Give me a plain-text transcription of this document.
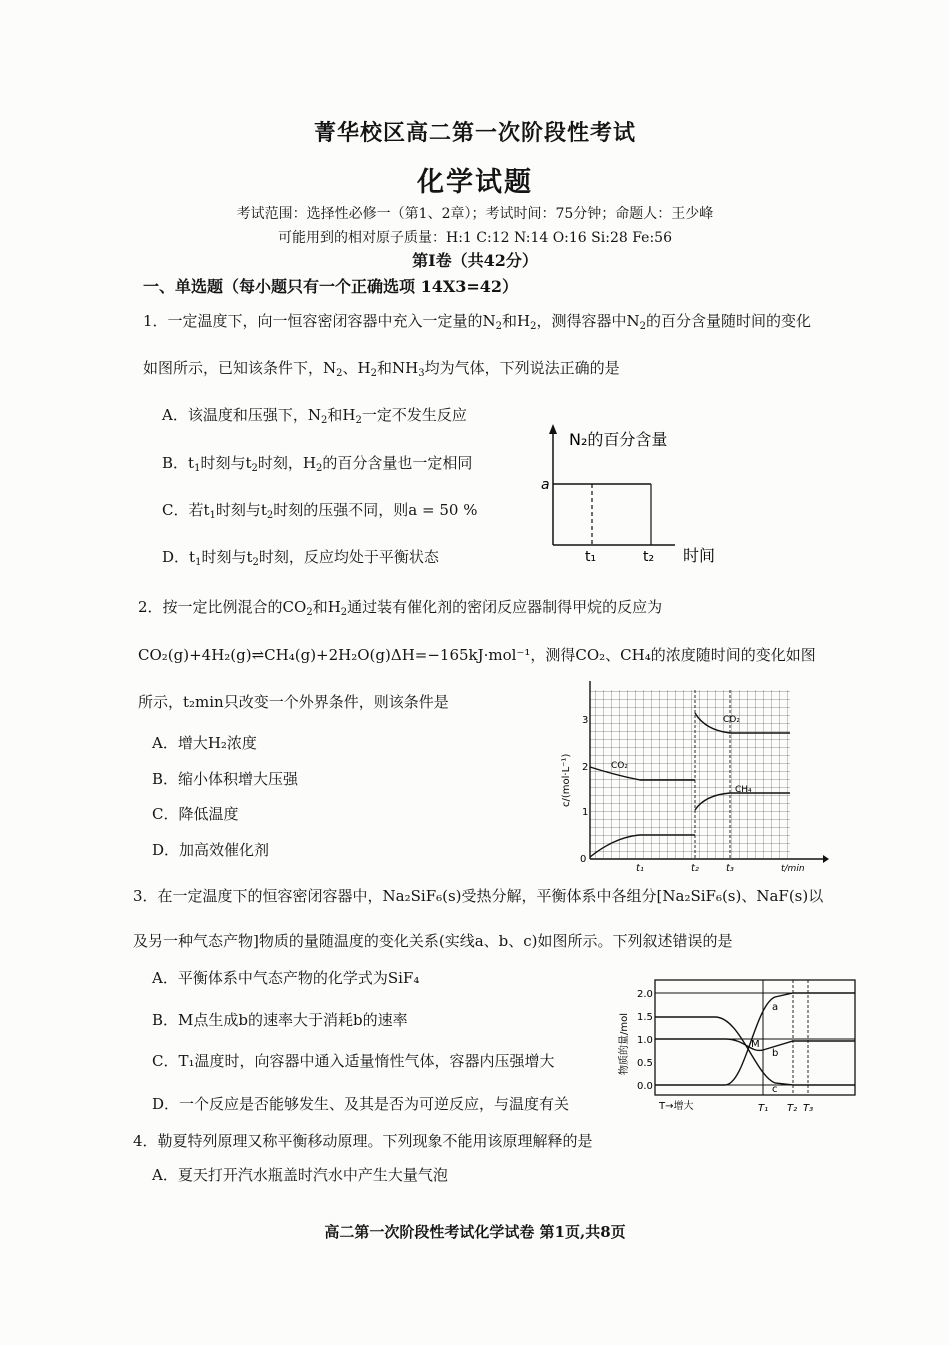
菁华校区高二第一次阶段性考试
化学试题
考试范围：选择性必修一（第1、2章）；考试时间：75分钟；命题人：王少峰
可能用到的相对原子质量：H:1 C:12 N:14 O:16 Si:28 Fe:56
第Ⅰ卷（共42分）
一、单选题（每小题只有一个正确选项 14X3=42）
1．一定温度下，向一恒容密闭容器中充入一定量的$N_2$和$H_2$，测得容器中$N_2$的百分含量随时间的变化
如图所示，已知该条件下，$N_2$、$H_2$和$NH_3$均为气体，下列说法正确的是
A．该温度和压强下，$N_2$和$H_2$一定不发生反应
B．$t_1$时刻与$t_2$时刻，$H_2$的百分含量也一定相同
C．若$t_1$时刻与$t_2$时刻的压强不同，则a = 50 %
D．$t_1$时刻与$t_2$时刻，反应均处于平衡状态
N₂的百分含量
a
t₁	t₂ 时间
2．按一定比例混合的$CO_2$和$H_2$通过装有催化剂的密闭反应器制得甲烷的反应为
CO₂(g)+4H₂(g)⇌CH₄(g)+2H₂O(g)ΔH=−165kJ·mol⁻¹，测得CO₂、CH₄的浓度随时间的变化如图
所示，t₂min只改变一个外界条件，则该条件是
A．增大H₂浓度
B．缩小体积增大压强
C．降低温度
D．加高效催化剂
3
2
1
0
c/(mol·L⁻¹)
t₁	t₂	t₃	t/min
CO₂
CO₂
CH₄
3．在一定温度下的恒容密闭容器中，Na₂SiF₆(s)受热分解，平衡体系中各组分[Na₂SiF₆(s)、NaF(s)以
及另一种气态产物]物质的量随温度的变化关系(实线a、b、c)如图所示。下列叙述错误的是
A．平衡体系中气态产物的化学式为SiF₄
B．M点生成b的速率大于消耗b的速率
C．T₁温度时，向容器中通入适量惰性气体，容器内压强增大
D．一个反应是否能够发生、及其是否为可逆反应，与温度有关
2.0
1.5
1.0
0.5
0.0
物质的量/mol
T→增大	T₁ T₂ T₃
a
b
c
M
4．勒夏特列原理又称平衡移动原理。下列现象不能用该原理解释的是
A．夏天打开汽水瓶盖时汽水中产生大量气泡
高二第一次阶段性考试化学试卷 第1页,共8页
